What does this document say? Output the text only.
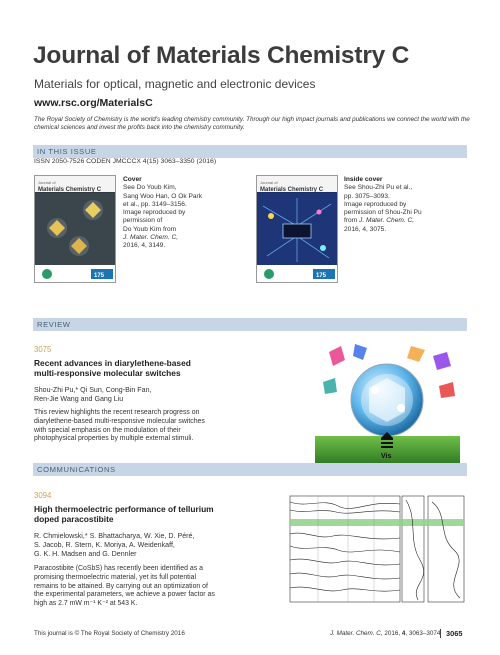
Journal of Materials Chemistry C
Materials for optical, magnetic and electronic devices
www.rsc.org/MaterialsC
The Royal Society of Chemistry is the world's leading chemistry community. Through our high impact journals and publications we connect the world with the chemical sciences and invest the profits back into the chemistry community.
IN THIS ISSUE
ISSN 2050-7526 CODEN JMCCCX 4(15) 3063–3350 (2016)
Journal of
Materials Chemistry C
175
Cover
See Do Youb Kim,
Sang Woo Han, O Ok Park
et al., pp. 3149–3156.
Image reproduced by
permission of
Do Youb Kim from
J. Mater. Chem. C,
2016, 4, 3149.
Journal of
Materials Chemistry C
175
Inside cover
See Shou-Zhi Pu et al.,
pp. 3075–3093.
Image reproduced by
permission of Shou-Zhi Pu
from J. Mater. Chem. C,
2016, 4, 3075.
REVIEW
3075
Recent advances in diarylethene-based
multi-responsive molecular switches
Shou-Zhi Pu,* Qi Sun, Cong-Bin Fan,
Ren-Jie Wang and Gang Liu
This review highlights the recent research progress on
diarylethene-based multi-responsive molecular switches
with special emphasis on the modulation of their
photophysical properties by multiple external stimuli.
Vis
COMMUNICATIONS
3094
High thermoelectric performance of tellurium
doped paracostibite
R. Chmielowski,* S. Bhattacharya, W. Xie, D. Péré,
S. Jacob, R. Stern, K. Moriya, A. Weidenkaff,
G. K. H. Madsen and G. Dennler
Paracostibite (CoSbS) has recently been identified as a
promising thermoelectric material, yet its full potential
remains to be attained. By carrying out an optimization of
the experimental parameters, we achieve a power factor as
high as 2.7 mW m⁻¹ K⁻² at 543 K.
This journal is © The Royal Society of Chemistry 2016	J. Mater. Chem. C, 2016, 4, 3063–3074 3065
